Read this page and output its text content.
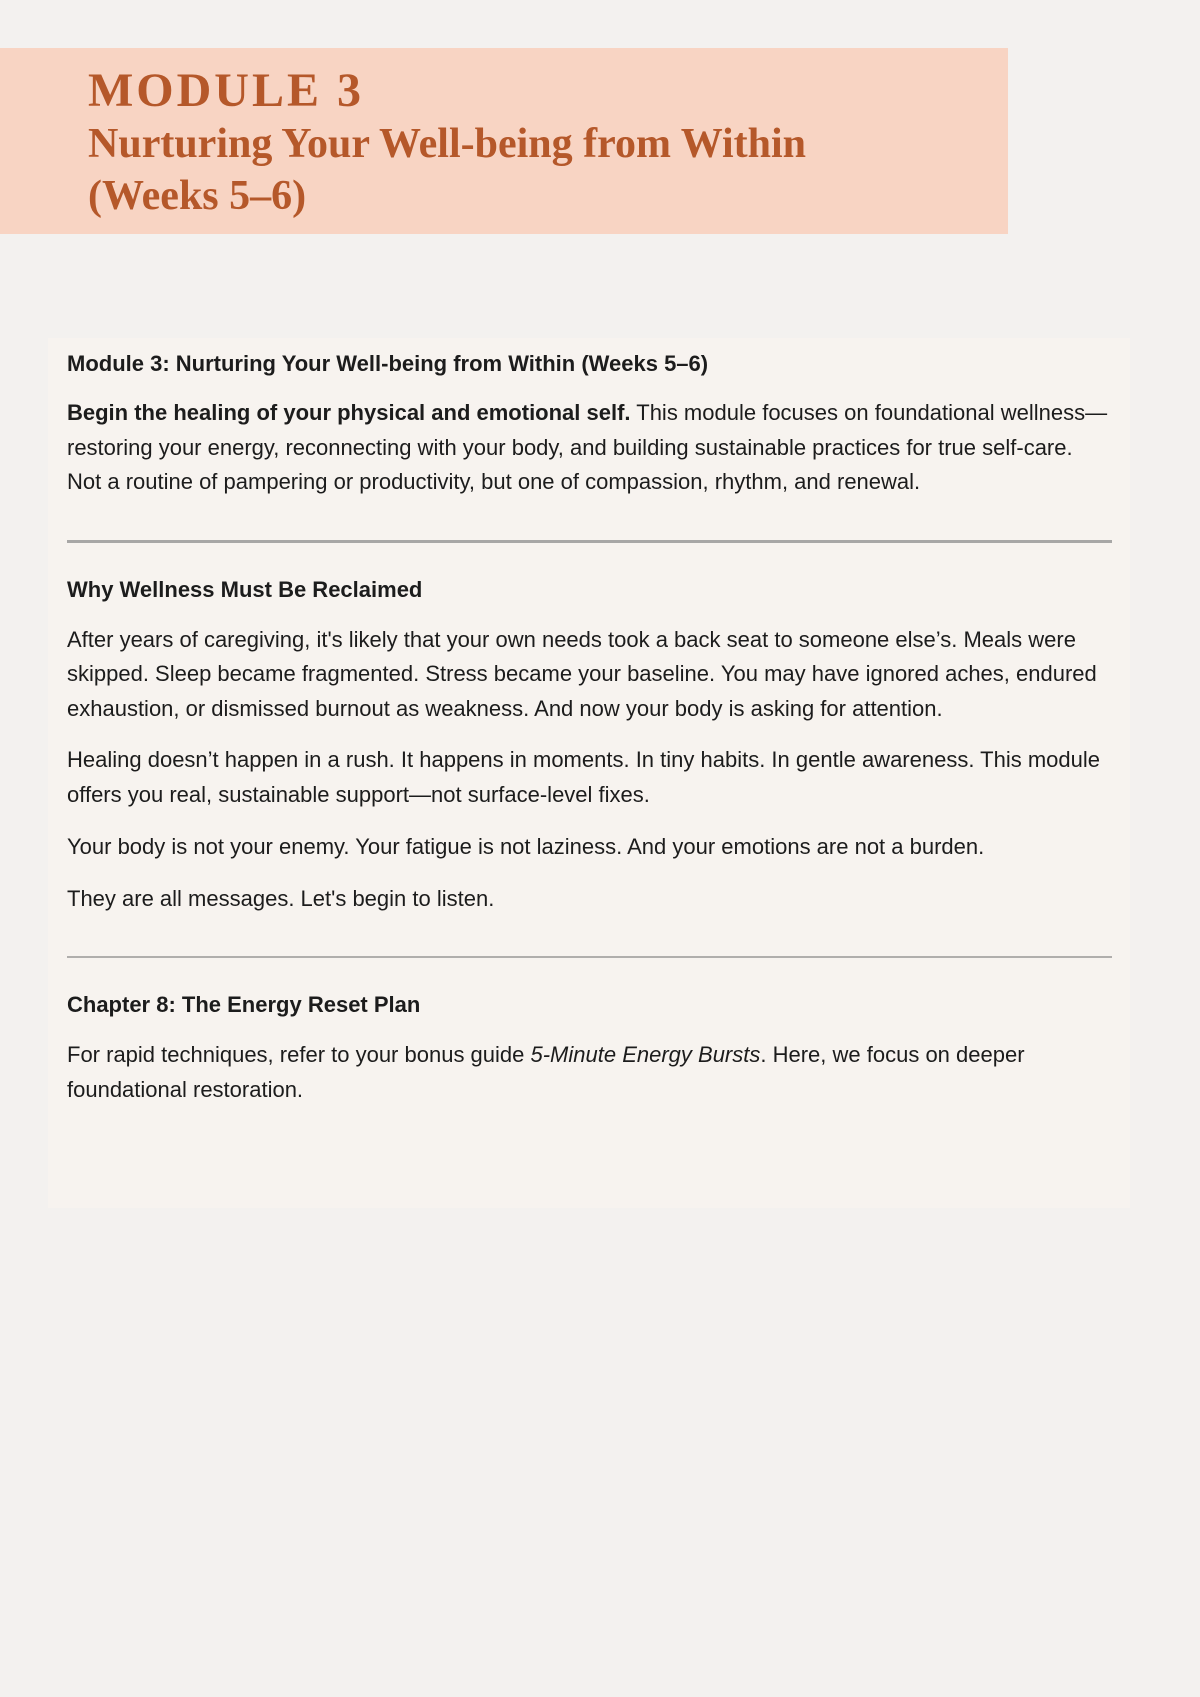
MODULE 3
Nurturing Your Well-being from Within
(Weeks 5–6)
Module 3: Nurturing Your Well-being from Within (Weeks 5–6)

Begin the healing of your physical and emotional self. This module focuses on foundational wellness—restoring your energy, reconnecting with your body, and building sustainable practices for true self-care. Not a routine of pampering or productivity, but one of compassion, rhythm, and renewal.

Why Wellness Must Be Reclaimed

After years of caregiving, it's likely that your own needs took a back seat to someone else’s. Meals were skipped. Sleep became fragmented. Stress became your baseline. You may have ignored aches, endured exhaustion, or dismissed burnout as weakness. And now your body is asking for attention.

Healing doesn’t happen in a rush. It happens in moments. In tiny habits. In gentle awareness. This module offers you real, sustainable support—not surface-level fixes.

Your body is not your enemy. Your fatigue is not laziness. And your emotions are not a burden.

They are all messages. Let's begin to listen.

Chapter 8: The Energy Reset Plan

For rapid techniques, refer to your bonus guide 5-Minute Energy Bursts. Here, we focus on deeper foundational restoration.
